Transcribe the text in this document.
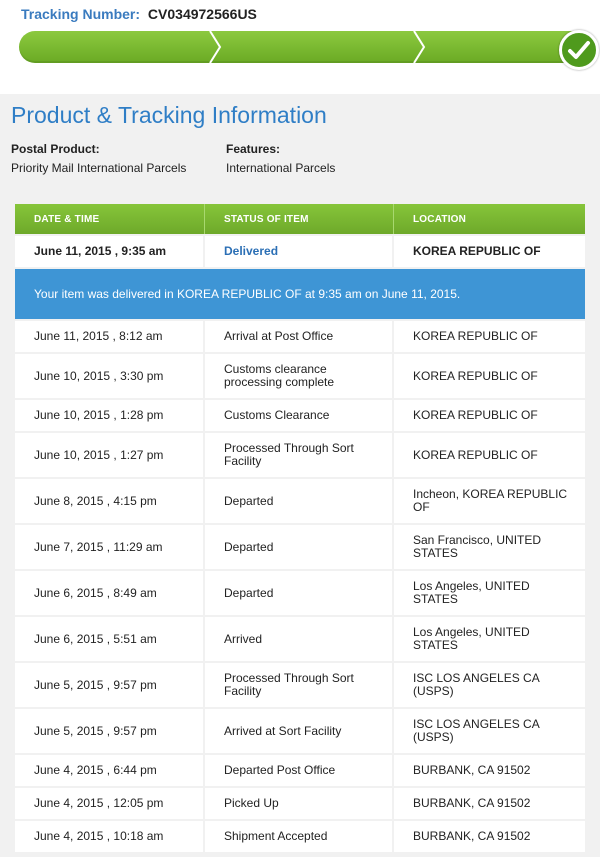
Tracking Number: CV034972566US
Product & Tracking Information
Postal Product:
Priority Mail International Parcels
Features:
International Parcels
DATE & TIME	STATUS OF ITEM	LOCATION
June 11, 2015 , 9:35 am	Delivered	KOREA REPUBLIC OF
Your item was delivered in KOREA REPUBLIC OF at 9:35 am on June 11, 2015.		
June 11, 2015 , 8:12 am	Arrival at Post Office	KOREA REPUBLIC OF
June 10, 2015 , 3:30 pm	Customs clearance processing complete	KOREA REPUBLIC OF
June 10, 2015 , 1:28 pm	Customs Clearance	KOREA REPUBLIC OF
June 10, 2015 , 1:27 pm	Processed Through Sort Facility	KOREA REPUBLIC OF
June 8, 2015 , 4:15 pm	Departed	Incheon, KOREA REPUBLIC OF
June 7, 2015 , 11:29 am	Departed	San Francisco, UNITED STATES
June 6, 2015 , 8:49 am	Departed	Los Angeles, UNITED STATES
June 6, 2015 , 5:51 am	Arrived	Los Angeles, UNITED STATES
June 5, 2015 , 9:57 pm	Processed Through Sort Facility	ISC LOS ANGELES CA (USPS)
June 5, 2015 , 9:57 pm	Arrived at Sort Facility	ISC LOS ANGELES CA (USPS)
June 4, 2015 , 6:44 pm	Departed Post Office	BURBANK, CA 91502
June 4, 2015 , 12:05 pm	Picked Up	BURBANK, CA 91502
June 4, 2015 , 10:18 am	Shipment Accepted	BURBANK, CA 91502
